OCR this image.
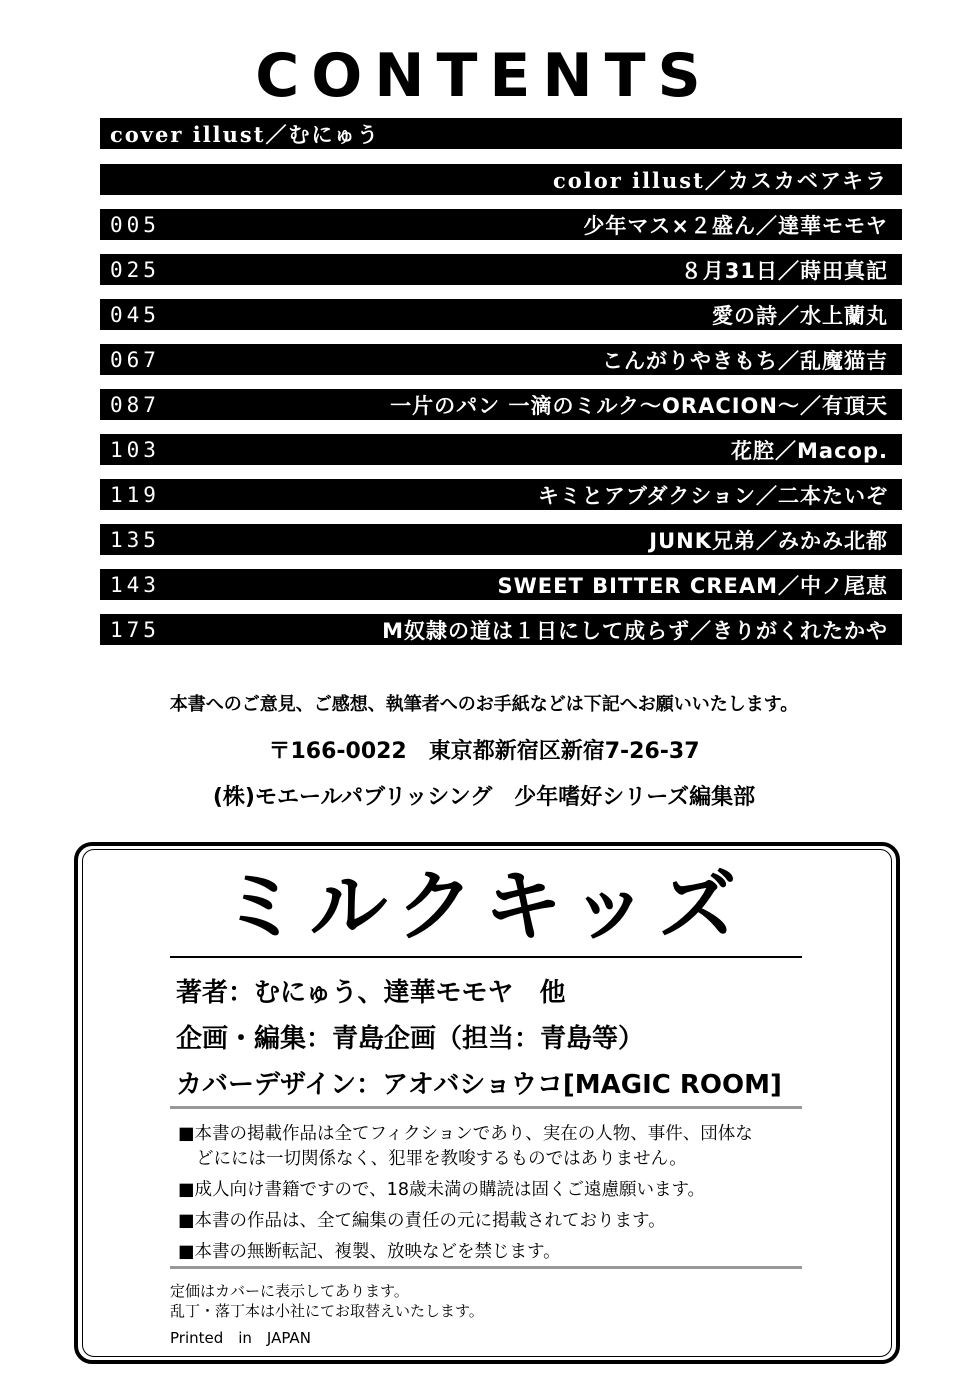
CONTENTS
cover illust／むにゅう
color illust／カスカベアキラ
005	少年マス×２盛ん／達華モモヤ
025	８月31日／蒔田真記
045	愛の詩／水上蘭丸
067	こんがりやきもち／乱魔猫吉
087	一片のパン 一滴のミルク～ORACION～／有頂天
103	花腔／Macop.
119	キミとアブダクション／二本たいぞ
135	JUNK兄弟／みかみ北都
143	SWEET BITTER CREAM／中ノ尾恵
175	M奴隷の道は１日にして成らず／きりがくれたかや
本書へのご意見、ご感想、執筆者へのお手紙などは下記へお願いいたします。
〒166-0022　東京都新宿区新宿7-26-37
(株)モエールパブリッシング　少年嗜好シリーズ編集部
ミルクキッズ
著者：むにゅう、達華モモヤ　他
企画・編集：青島企画（担当：青島等）
カバーデザイン：アオバショウコ[MAGIC ROOM]
■本書の掲載作品は全てフィクションであり、実在の人物、事件、団体な
どにには一切関係なく、犯罪を教唆するものではありません。
■成人向け書籍ですので、18歳未満の購読は固くご遠慮願います。
■本書の作品は、全て編集の責任の元に掲載されております。
■本書の無断転記、複製、放映などを禁じます。
定価はカバーに表示してあります。
乱丁・落丁本は小社にてお取替えいたします。
Printed　in　JAPAN
